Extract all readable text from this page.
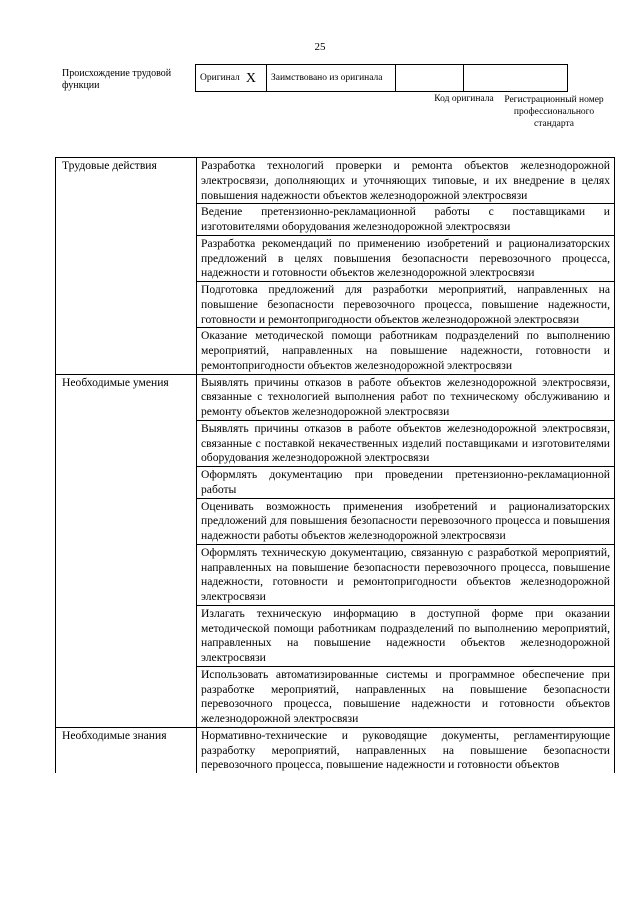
25
Происхождение трудовой функции
Оригинал X	Заимствовано из оригинала		
Код оригинала	Регистрационный номер профессионального стандарта
Трудовые действия	Разработка технологий проверки и ремонта объектов железнодорожной электросвязи, дополняющих и уточняющих типовые, и их внедрение в целях повышения надежности объектов железнодорожной электросвязи
	Ведение претензионно-рекламационной работы с поставщиками и изготовителями оборудования железнодорожной электросвязи
	Разработка рекомендаций по применению изобретений и рационализаторских предложений в целях повышения безопасности перевозочного процесса, надежности и готовности объектов железнодорожной электросвязи
	Подготовка предложений для разработки мероприятий, направленных на повышение безопасности перевозочного процесса, повышение надежности, готовности и ремонтопригодности объектов железнодорожной электросвязи
	Оказание методической помощи работникам подразделений по выполнению мероприятий, направленных на повышение надежности, готовности и ремонтопригодности объектов железнодорожной электросвязи
Необходимые умения	Выявлять причины отказов в работе объектов железнодорожной электросвязи, связанные с технологией выполнения работ по техническому обслуживанию и ремонту объектов железнодорожной электросвязи
	Выявлять причины отказов в работе объектов железнодорожной электросвязи, связанные с поставкой некачественных изделий поставщиками и изготовителями оборудования железнодорожной электросвязи
	Оформлять документацию при проведении претензионно-рекламационной работы
	Оценивать возможность применения изобретений и рационализаторских предложений для повышения безопасности перевозочного процесса и повышения надежности работы объектов железнодорожной электросвязи
	Оформлять техническую документацию, связанную с разработкой мероприятий, направленных на повышение безопасности перевозочного процесса, повышение надежности, готовности и ремонтопригодности объектов железнодорожной электросвязи
	Излагать техническую информацию в доступной форме при оказании методической помощи работникам подразделений по выполнению мероприятий, направленных на повышение надежности объектов железнодорожной электросвязи
	Использовать автоматизированные системы и программное обеспечение при разработке мероприятий, направленных на повышение безопасности перевозочного процесса, повышение надежности и готовности объектов железнодорожной электросвязи
Необходимые знания	Нормативно-технические и руководящие документы, регламентирующие разработку мероприятий, направленных на повышение безопасности перевозочного процесса, повышение надежности и готовности объектов
